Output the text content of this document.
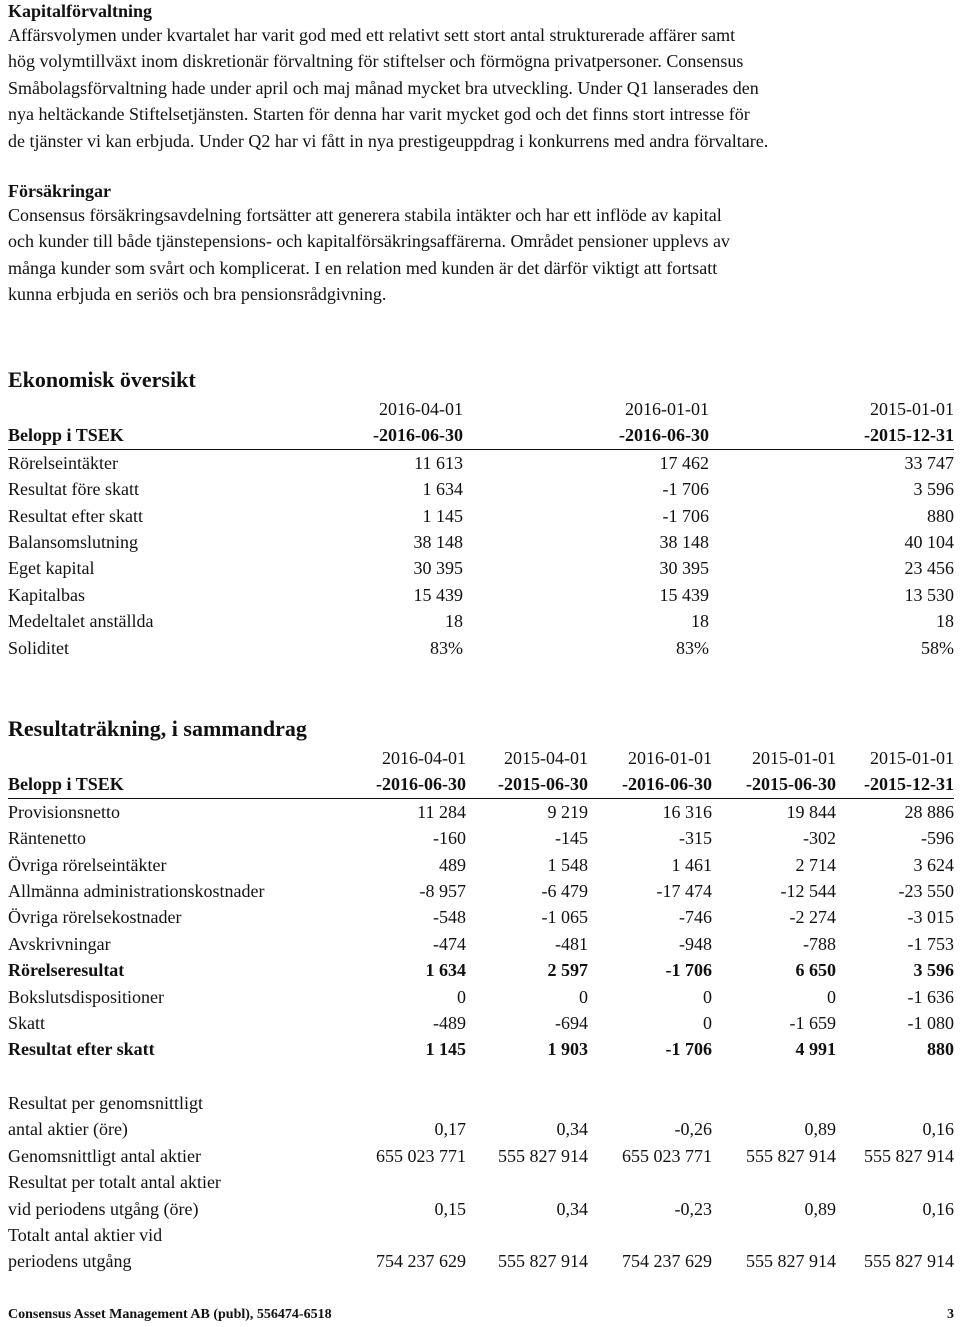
Kapitalförvaltning

Affärsvolymen under kvartalet har varit god med ett relativt sett stort antal strukturerade affärer samt

hög volymtillväxt inom diskretionär förvaltning för stiftelser och förmögna privatpersoner. Consensus

Småbolagsförvaltning hade under april och maj månad mycket bra utveckling. Under Q1 lanserades den

nya heltäckande Stiftelsetjänsten. Starten för denna har varit mycket god och det finns stort intresse för

de tjänster vi kan erbjuda. Under Q2 har vi fått in nya prestigeuppdrag i konkurrens med andra förvaltare.

Försäkringar

Consensus försäkringsavdelning fortsätter att generera stabila intäkter och har ett inflöde av kapital

och kunder till både tjänstepensions- och kapitalförsäkringsaffärerna. Området pensioner upplevs av

många kunder som svårt och komplicerat. I en relation med kunden är det därför viktigt att fortsatt

kunna erbjuda en seriös och bra pensionsrådgivning.

Ekonomisk översikt
	2016-04-01	2016-01-01	2015-01-01
Belopp i TSEK	-2016-06-30	-2016-06-30	-2015-12-31
Rörelseintäkter	11 613	17 462	33 747
Resultat före skatt	1 634	-1 706	3 596
Resultat efter skatt	1 145	-1 706	880
Balansomslutning	38 148	38 148	40 104
Eget kapital	30 395	30 395	23 456
Kapitalbas	15 439	15 439	13 530
Medeltalet anställda	18	18	18
Soliditet	83%	83%	58%
Resultaträkning, i sammandrag
	2016-04-01	2015-04-01	2016-01-01	2015-01-01	2015-01-01
Belopp i TSEK	-2016-06-30	-2015-06-30	-2016-06-30	-2015-06-30	-2015-12-31
Provisionsnetto	11 284	9 219	16 316	19 844	28 886
Räntenetto	-160	-145	-315	-302	-596
Övriga rörelseintäkter	489	1 548	1 461	2 714	3 624
Allmänna administrationskostnader	-8 957	-6 479	-17 474	-12 544	-23 550
Övriga rörelsekostnader	-548	-1 065	-746	-2 274	-3 015
Avskrivningar	-474	-481	-948	-788	-1 753
Rörelseresultat	1 634	2 597	-1 706	6 650	3 596
Bokslutsdispositioner	0	0	0	0	-1 636
Skatt	-489	-694	0	-1 659	-1 080
Resultat efter skatt	1 145	1 903	-1 706	4 991	880
Resultat per genomsnittligt					
antal aktier (öre)	0,17	0,34	-0,26	0,89	0,16
Genomsnittligt antal aktier	655 023 771	555 827 914	655 023 771	555 827 914	555 827 914
Resultat per totalt antal aktier					
vid periodens utgång (öre)	0,15	0,34	-0,23	0,89	0,16
Totalt antal aktier vid					
periodens utgång	754 237 629	555 827 914	754 237 629	555 827 914	555 827 914
Consensus Asset Management AB (publ), 556474-6518	3
